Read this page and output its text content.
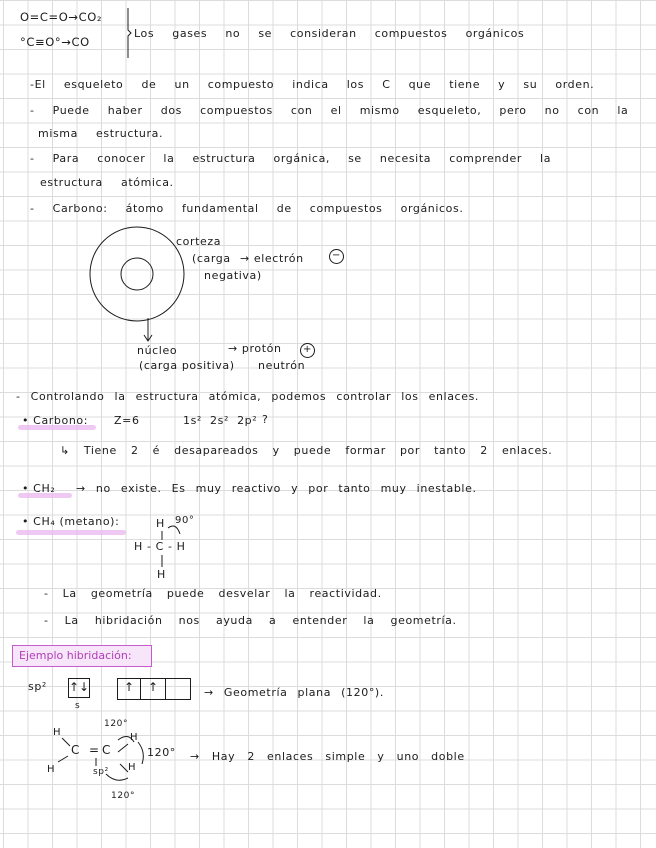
O=C=O→CO₂
°C≡O°→CO
Los gases no se consideran compuestos orgánicos
-El esqueleto de un compuesto indica los C que tiene y su orden.
- Puede haber dos compuestos con el mismo esqueleto, pero no con la
misma estructura.
- Para conocer la estructura orgánica, se necesita comprender la
estructura atómica.
- Carbono: átomo fundamental de compuestos orgánicos.
corteza
(carga → electrón	−
negativa)
núcleo	→ protón	+
(carga positiva) neutrón
- Controlando la estructura atómica, podemos controlar los enlaces.
• Carbono: Z=6	1s² 2s² 2p² ?
↳ Tiene 2 é desapareados y puede formar por tanto 2 enlaces.
• CH₂ → no existe. Es muy reactivo y por tanto muy inestable.
• CH₄ (metano):	H 90°
H - C - H
H
- La geometría puede desvelar la reactividad.
- La hibridación nos ayuda a entender la geometría.
Ejemplo hibridación:
sp² ↑↓
s
↑	↑	→ Geometría plana (120°).
120°
H	H
C = C	120°
H	H
sp²
120°
→ Hay 2 enlaces simple y uno doble
